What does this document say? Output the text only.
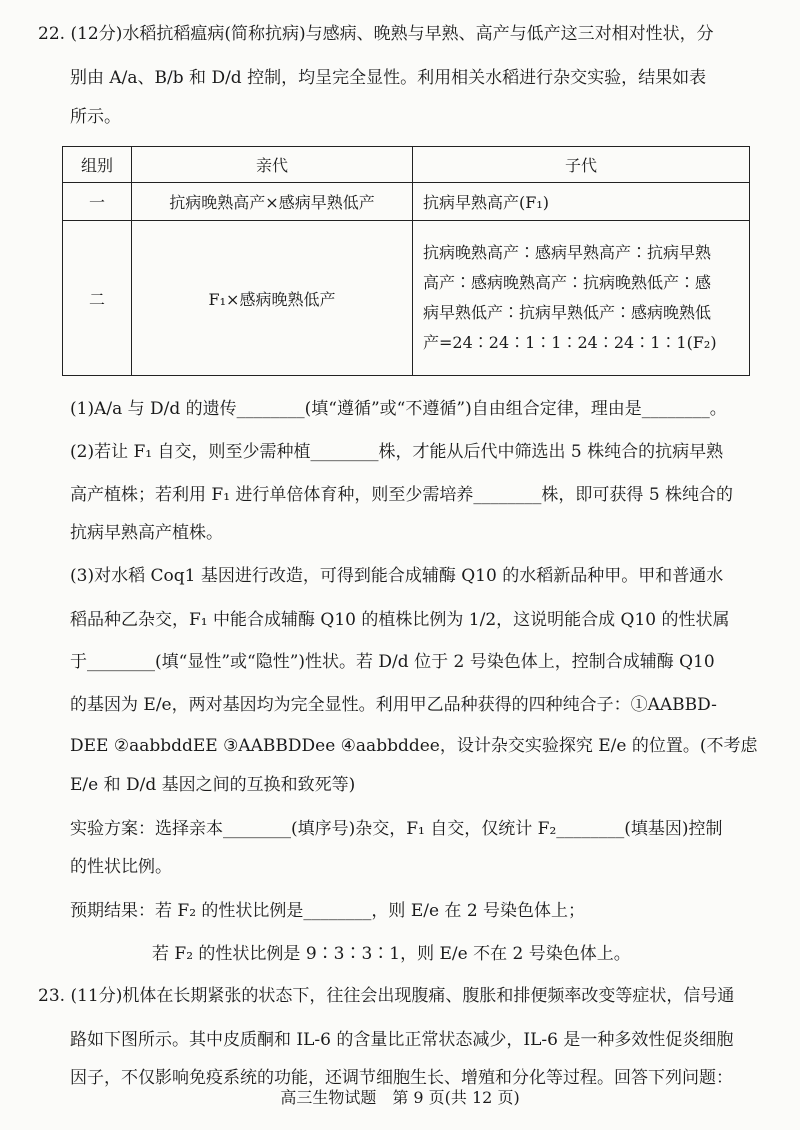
22. (12分)水稻抗稻瘟病(简称抗病)与感病、晚熟与早熟、高产与低产这三对相对性状，分
别由 A/a、B/b 和 D/d 控制，均呈完全显性。利用相关水稻进行杂交实验，结果如表
所示。
组别	亲代	子代
一	抗病晚熟高产×感病早熟低产	抗病早熟高产(F₁)
二	F₁×感病晚熟低产	抗病晚熟高产∶感病早熟高产∶抗病早熟
高产∶感病晚熟高产∶抗病晚熟低产∶感
病早熟低产∶抗病早熟低产∶感病晚熟低
产=24∶24∶1∶1∶24∶24∶1∶1(F₂)
(1)A/a 与 D/d 的遗传________(填“遵循”或“不遵循”)自由组合定律，理由是________。
(2)若让 F₁ 自交，则至少需种植________株，才能从后代中筛选出 5 株纯合的抗病早熟
高产植株；若利用 F₁ 进行单倍体育种，则至少需培养________株，即可获得 5 株纯合的
抗病早熟高产植株。
(3)对水稻 Coq1 基因进行改造，可得到能合成辅酶 Q10 的水稻新品种甲。甲和普通水
稻品种乙杂交，F₁ 中能合成辅酶 Q10 的植株比例为 1/2，这说明能合成 Q10 的性状属
于________(填“显性”或“隐性”)性状。若 D/d 位于 2 号染色体上，控制合成辅酶 Q10
的基因为 E/e，两对基因均为完全显性。利用甲乙品种获得的四种纯合子：①AABBD-
DEE ②aabbddEE ③AABBDDee ④aabbddee，设计杂交实验探究 E/e 的位置。(不考虑
E/e 和 D/d 基因之间的互换和致死等)
实验方案：选择亲本________(填序号)杂交，F₁ 自交，仅统计 F₂________(填基因)控制
的性状比例。
预期结果：若 F₂ 的性状比例是________，则 E/e 在 2 号染色体上；
若 F₂ 的性状比例是 9∶3∶3∶1，则 E/e 不在 2 号染色体上。
23. (11分)机体在长期紧张的状态下，往往会出现腹痛、腹胀和排便频率改变等症状，信号通
路如下图所示。其中皮质酮和 IL-6 的含量比正常状态减少，IL-6 是一种多效性促炎细胞
因子，不仅影响免疫系统的功能，还调节细胞生长、增殖和分化等过程。回答下列问题：
高三生物试题　第 9 页(共 12 页)
